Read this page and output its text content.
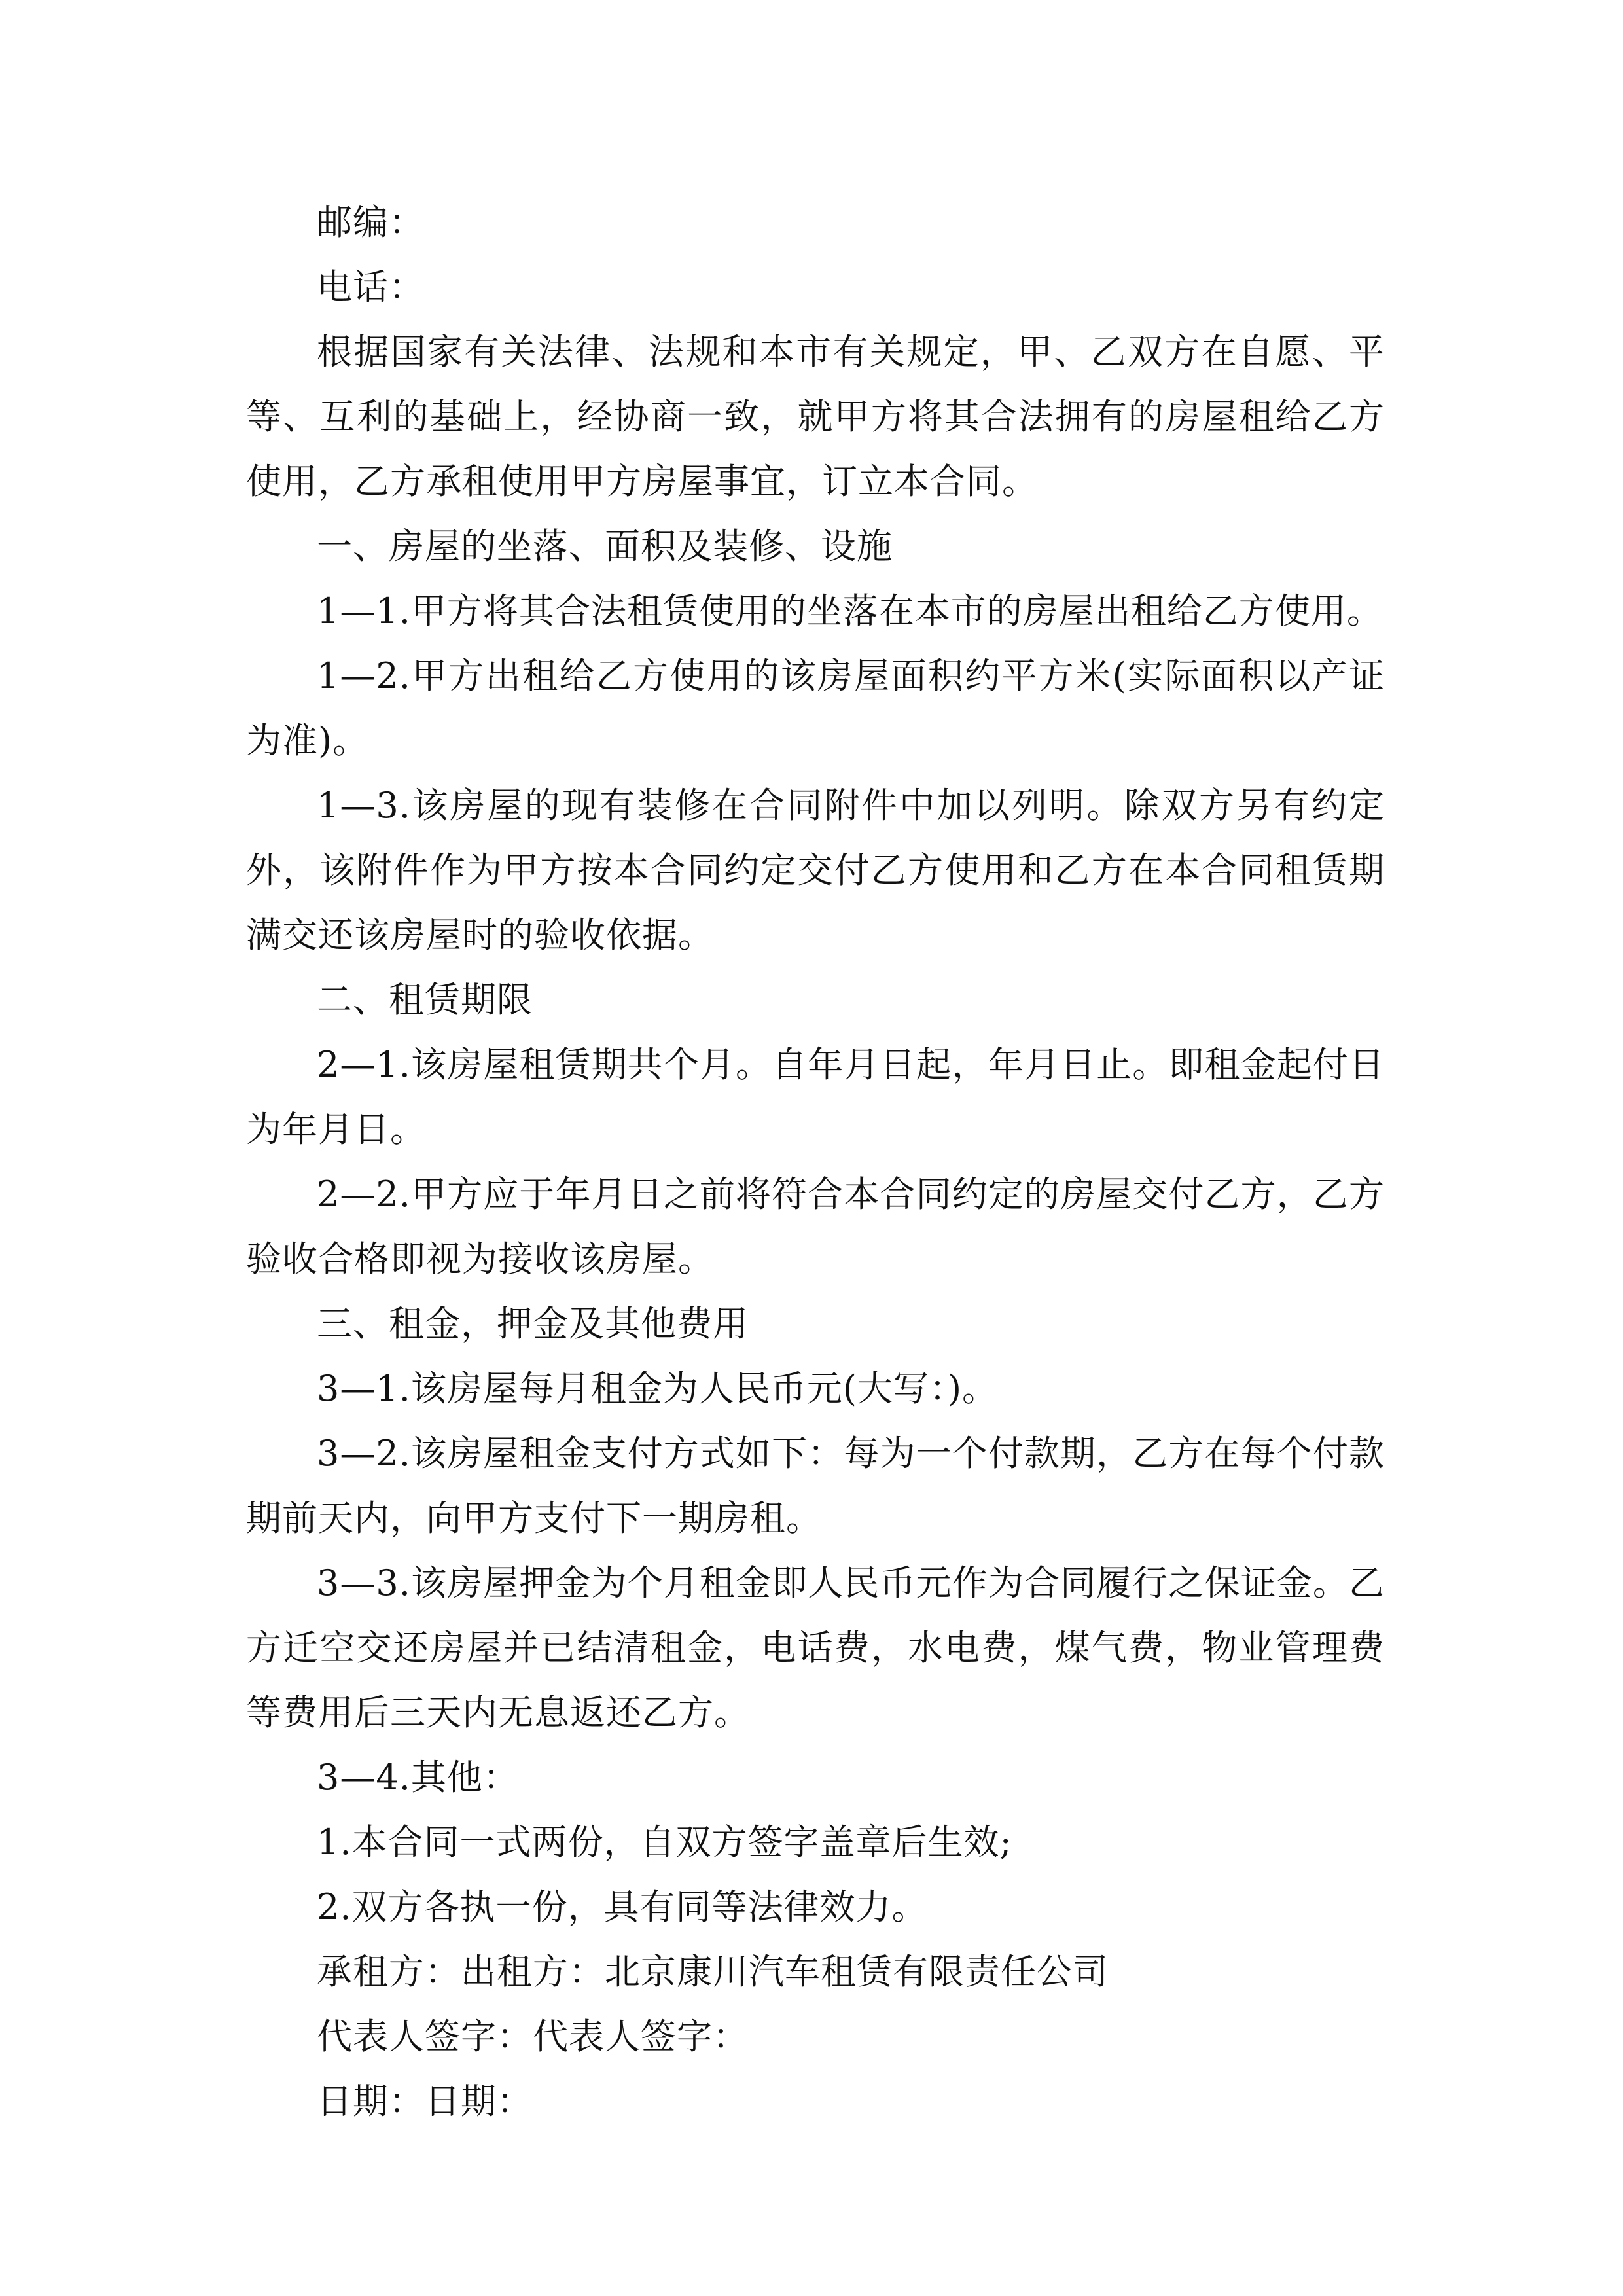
邮编：

电话：

根据国家有关法律、法规和本市有关规定，甲、乙双方在自愿、平等、互利的基础上，经协商一致，就甲方将其合法拥有的房屋租给乙方使用，乙方承租使用甲方房屋事宜，订立本合同。

一、房屋的坐落、面积及装修、设施

1—1.甲方将其合法租赁使用的坐落在本市的房屋出租给乙方使用。

1—2.甲方出租给乙方使用的该房屋面积约平方米(实际面积以产证为准)。

1—3.该房屋的现有装修在合同附件中加以列明。除双方另有约定外，该附件作为甲方按本合同约定交付乙方使用和乙方在本合同租赁期满交还该房屋时的验收依据。

二、租赁期限

2—1.该房屋租赁期共个月。自年月日起，年月日止。即租金起付日为年月日。

2—2.甲方应于年月日之前将符合本合同约定的房屋交付乙方，乙方验收合格即视为接收该房屋。

三、租金，押金及其他费用

3—1.该房屋每月租金为人民币元(大写：)。

3—2.该房屋租金支付方式如下：每为一个付款期，乙方在每个付款期前天内，向甲方支付下一期房租。

3—3.该房屋押金为个月租金即人民币元作为合同履行之保证金。乙方迁空交还房屋并已结清租金，电话费，水电费，煤气费，物业管理费等费用后三天内无息返还乙方。

3—4.其他：

1.本合同一式两份，自双方签字盖章后生效;

2.双方各执一份，具有同等法律效力。

承租方：出租方：北京康川汽车租赁有限责任公司

代表人签字：代表人签字：

日期：日期：
